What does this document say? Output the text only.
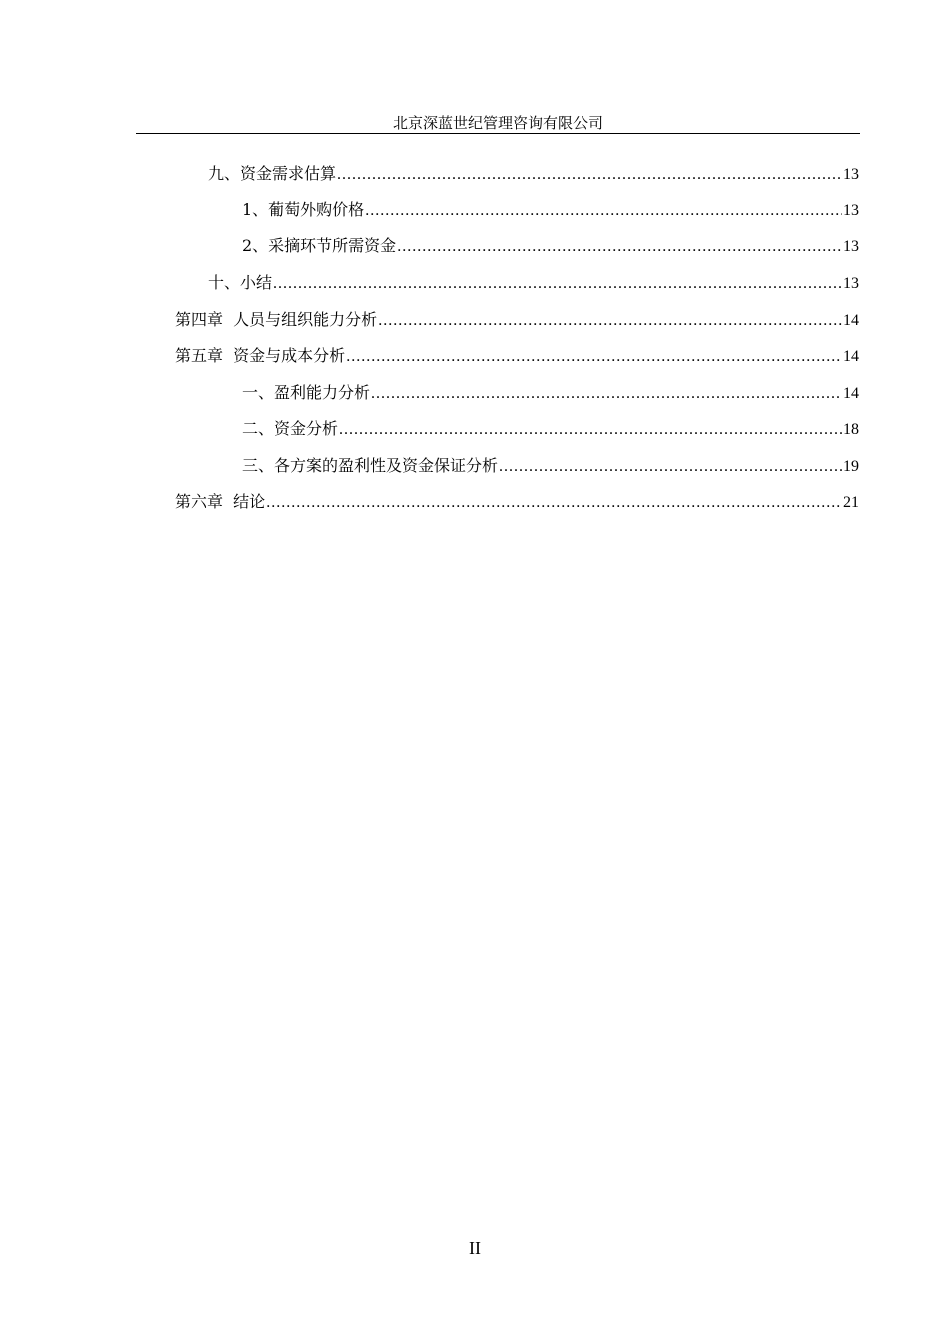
北京深蓝世纪管理咨询有限公司
九、资金需求估算 .....	13
1、葡萄外购价格 .....	13
2、采摘环节所需资金 .....	13
十、小结 .....	13
第四章  人员与组织能力分析 .....	14
第五章  资金与成本分析 .....	14
一、盈利能力分析 .....	14
二、资金分析 .....	18
三、各方案的盈利性及资金保证分析 .....	19
第六章  结论 .....	21
II
